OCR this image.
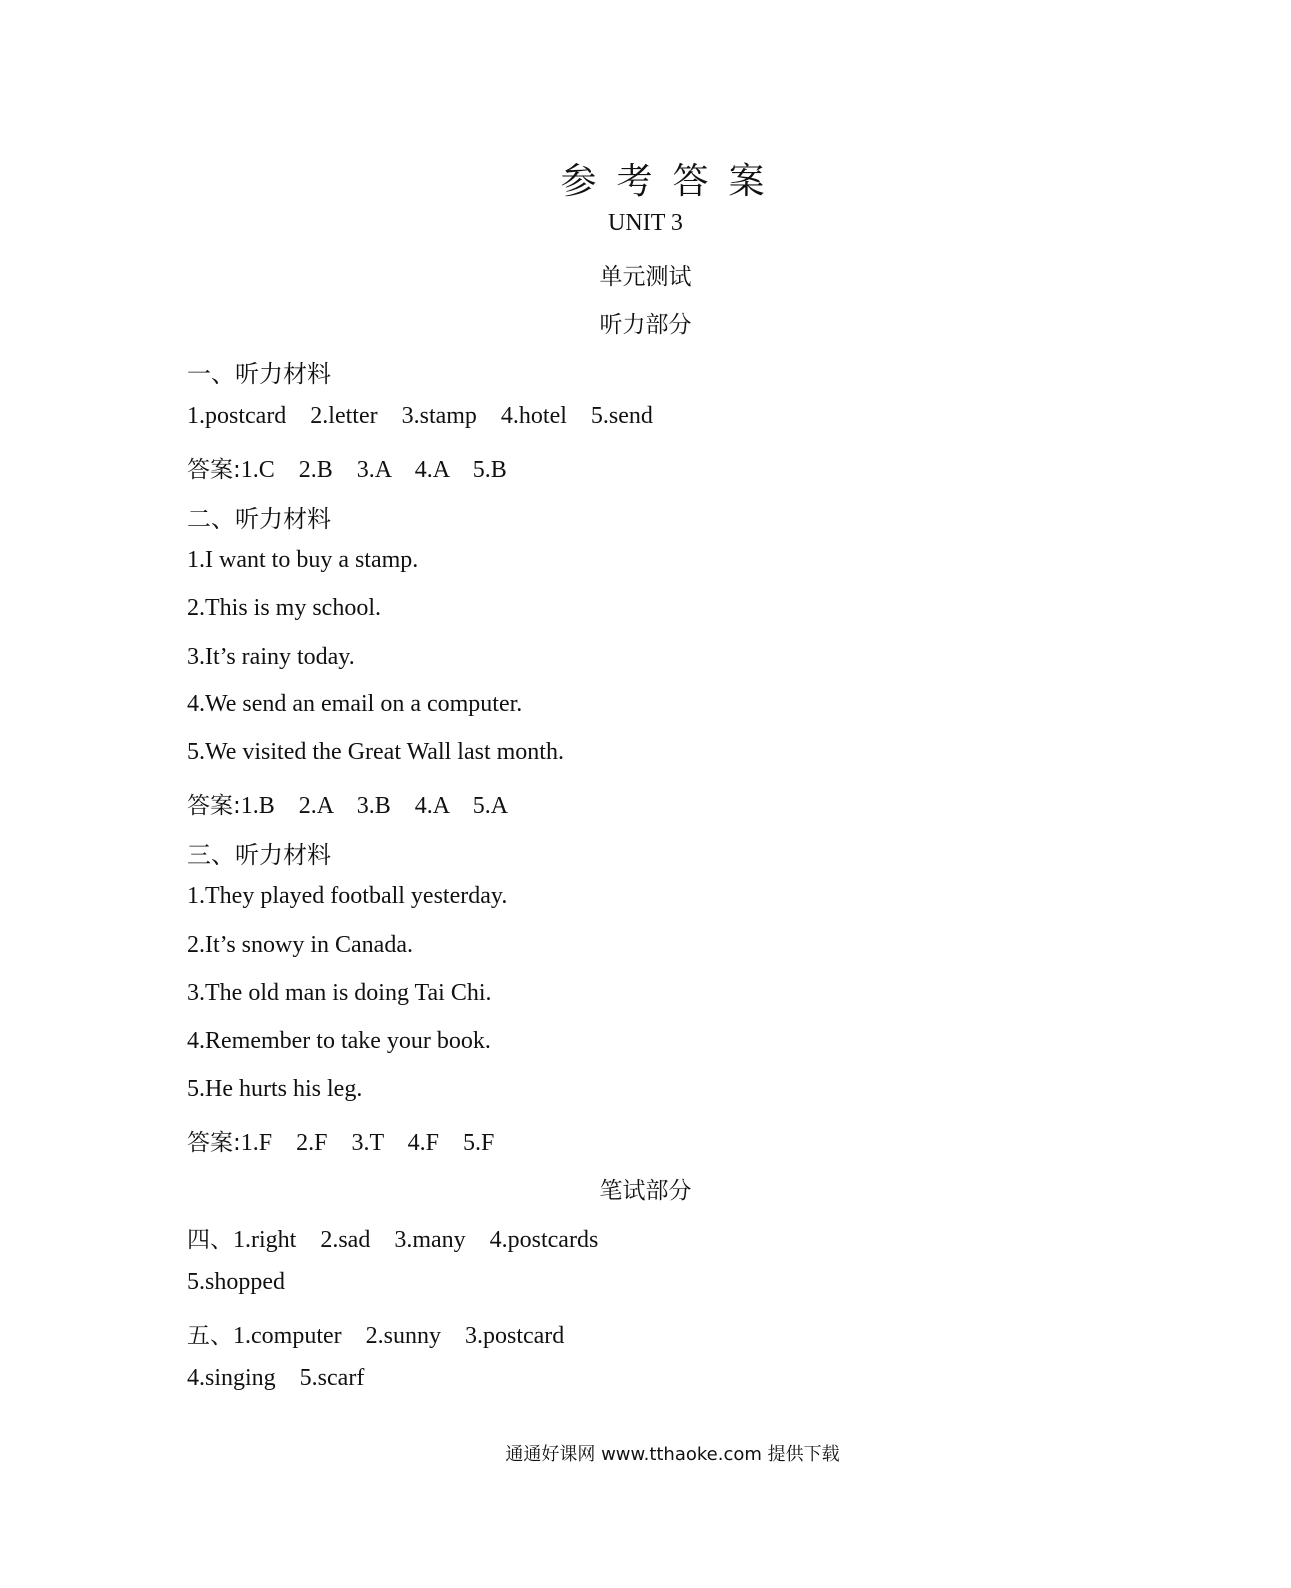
参考答案
UNIT 3
单元测试
听力部分
一、听力材料
1.postcard    2.letter    3.stamp    4.hotel    5.send
答案:1.C    2.B    3.A    4.A    5.B
二、听力材料
1.I want to buy a stamp.
2.This is my school.
3.It’s rainy today.
4.We send an email on a computer.
5.We visited the Great Wall last month.
答案:1.B    2.A    3.B    4.A    5.A
三、听力材料
1.They played football yesterday.
2.It’s snowy in Canada.
3.The old man is doing Tai Chi.
4.Remember to take your book.
5.He hurts his leg.
答案:1.F    2.F    3.T    4.F    5.F
笔试部分
四、1.right    2.sad    3.many    4.postcards
5.shopped
五、1.computer    2.sunny    3.postcard
4.singing    5.scarf
通通好课网 www.tthaoke.com 提供下载
